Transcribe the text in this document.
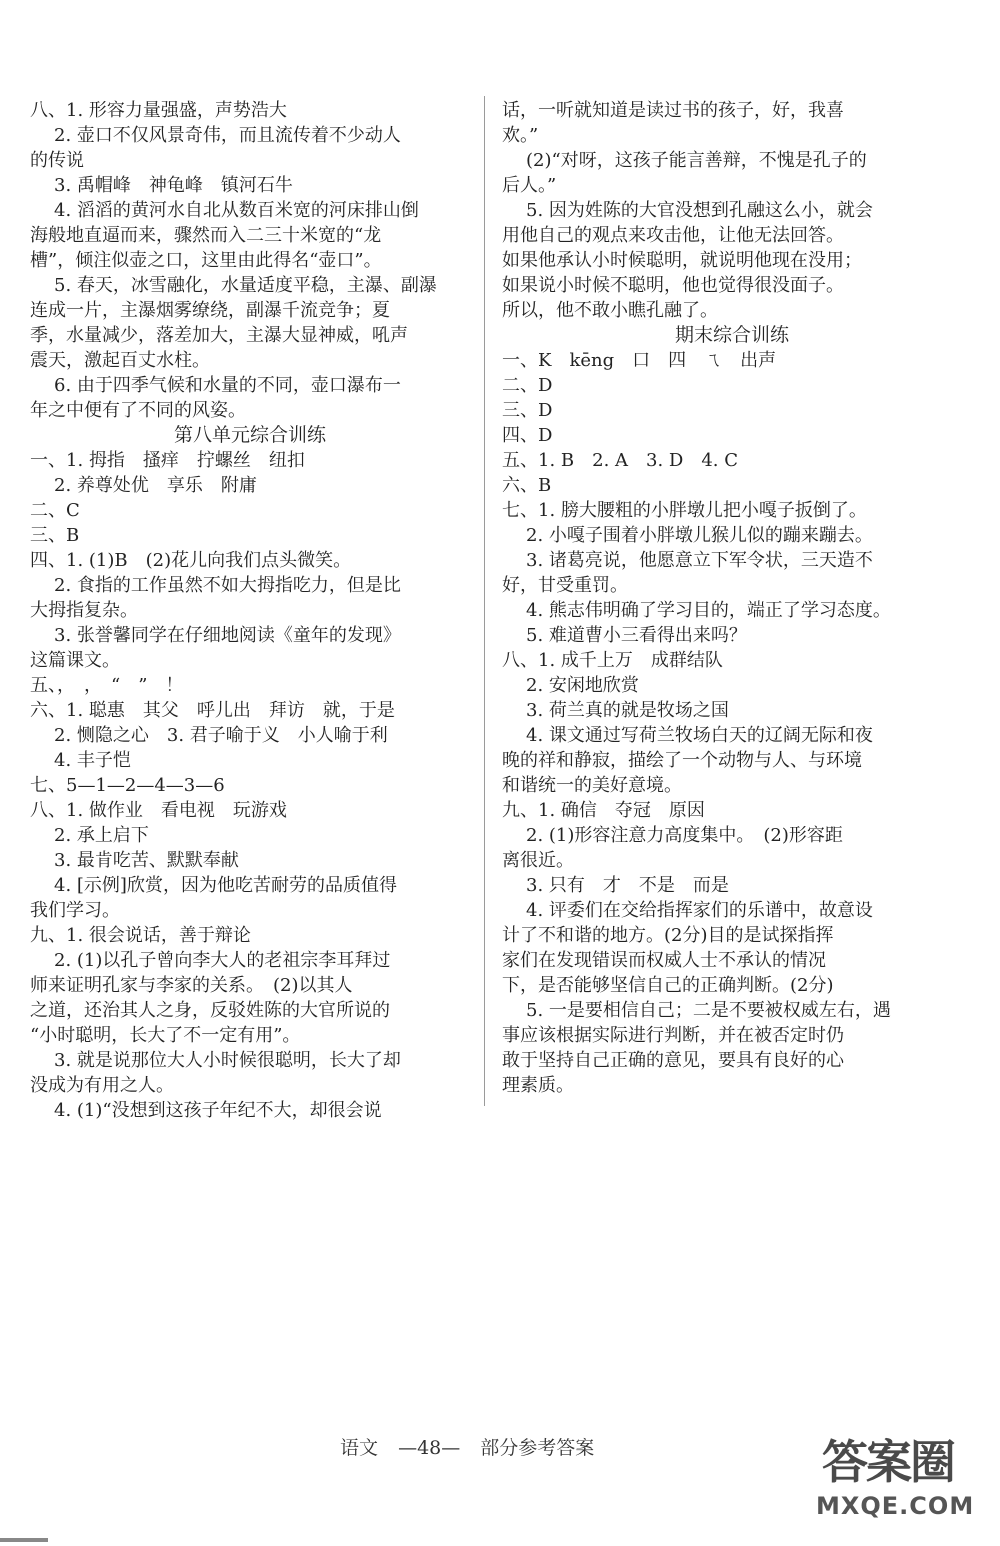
八、1. 形容力量强盛，声势浩大
2. 壶口不仅风景奇伟，而且流传着不少动人
的传说
3. 禹帽峰　神龟峰　镇河石牛
4. 滔滔的黄河水自北从数百米宽的河床排山倒
海般地直逼而来，骤然而入二三十米宽的“龙
槽”，倾注似壶之口，这里由此得名“壶口”。
5. 春天，冰雪融化，水量适度平稳，主瀑、副瀑
连成一片，主瀑烟雾缭绕，副瀑千流竞争；夏
季，水量减少，落差加大，主瀑大显神威，吼声
震天，激起百丈水柱。
6. 由于四季气候和水量的不同，壶口瀑布一
年之中便有了不同的风姿。
第八单元综合训练
一、1. 拇指　搔痒　拧螺丝　纽扣
2. 养尊处优　享乐　附庸
二、C
三、B
四、1. (1)B　(2)花儿向我们点头微笑。
2. 食指的工作虽然不如大拇指吃力，但是比
大拇指复杂。
3. 张誉馨同学在仔细地阅读《童年的发现》
这篇课文。
五、，　，　“　”　！
六、1. 聪惠　其父　呼儿出　拜访　就，于是
2. 恻隐之心　3. 君子喻于义　小人喻于利
4. 丰子恺
七、5—1—2—4—3—6
八、1. 做作业　看电视　玩游戏
2. 承上启下
3. 最肯吃苦、默默奉献
4. [示例]欣赏，因为他吃苦耐劳的品质值得
我们学习。
九、1. 很会说话，善于辩论
2. (1)以孔子曾向李大人的老祖宗李耳拜过
师来证明孔家与李家的关系。　(2)以其人
之道，还治其人之身，反驳姓陈的大官所说的
“小时聪明，长大了不一定有用”。
3. 就是说那位大人小时候很聪明，长大了却
没成为有用之人。
4. (1)“没想到这孩子年纪不大，却很会说
话，一听就知道是读过书的孩子，好，我喜
欢。”
(2)“对呀，这孩子能言善辩，不愧是孔子的
后人。”
5. 因为姓陈的大官没想到孔融这么小，就会
用他自己的观点来攻击他，让他无法回答。
如果他承认小时候聪明，就说明他现在没用；
如果说小时候不聪明，他也觉得很没面子。
所以，他不敢小瞧孔融了。
期末综合训练
一、K　kēng　口　四　ㄟ　出声
二、D
三、D
四、D
五、1. B　2. A　3. D　4. C
六、B
七、1. 膀大腰粗的小胖墩儿把小嘎子扳倒了。
2. 小嘎子围着小胖墩儿猴儿似的蹦来蹦去。
3. 诸葛亮说，他愿意立下军令状，三天造不
好，甘受重罚。
4. 熊志伟明确了学习目的，端正了学习态度。
5. 难道曹小三看得出来吗？
八、1. 成千上万　成群结队
2. 安闲地欣赏
3. 荷兰真的就是牧场之国
4. 课文通过写荷兰牧场白天的辽阔无际和夜
晚的祥和静寂，描绘了一个动物与人、与环境
和谐统一的美好意境。
九、1. 确信　夺冠　原因
2. (1)形容注意力高度集中。　(2)形容距
离很近。
3. 只有　才　不是　而是
4. 评委们在交给指挥家们的乐谱中，故意设
计了不和谐的地方。(2分)目的是试探指挥
家们在发现错误而权威人士不承认的情况
下，是否能够坚信自己的正确判断。(2分)
5. 一是要相信自己；二是不要被权威左右，遇
事应该根据实际进行判断，并在被否定时仍
敢于坚持自己正确的意见，要具有良好的心
理素质。
语文 —48— 部分参考答案	答案圈
MXQE.COM
